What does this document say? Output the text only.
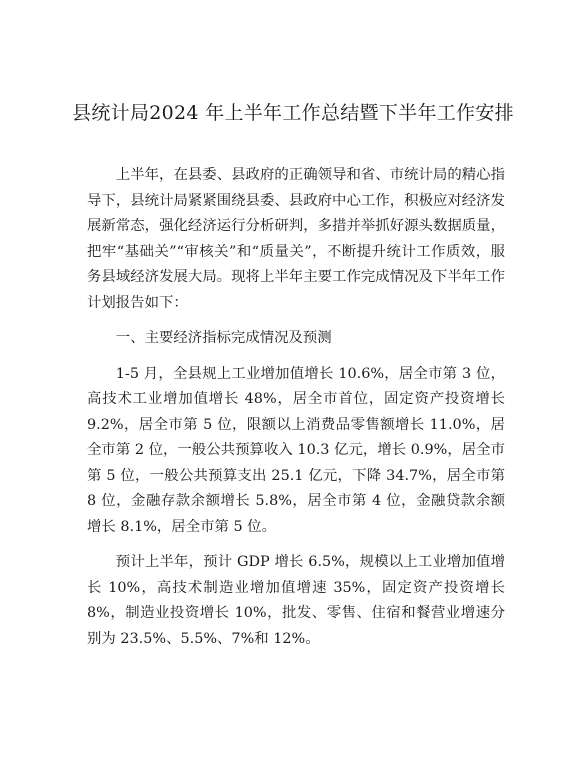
县统计局2024 年上半年工作总结暨下半年工作安排

上半年，在县委、县政府的正确领导和省、市统计局的精心指导下，县统计局紧紧围绕县委、县政府中心工作，积极应对经济发展新常态，强化经济运行分析研判，多措并举抓好源头数据质量，把牢“基础关”“审核关”和“质量关”，不断提升统计工作质效，服务县域经济发展大局。现将上半年主要工作完成情况及下半年工作计划报告如下：

一、主要经济指标完成情况及预测

1-5 月，全县规上工业增加值增长 10.6%，居全市第 3 位，高技术工业增加值增长 48%，居全市首位，固定资产投资增长 9.2%，居全市第 5 位，限额以上消费品零售额增长 11.0%，居全市第 2 位，一般公共预算收入 10.3 亿元，增长 0.9%，居全市第 5 位，一般公共预算支出 25.1 亿元，下降 34.7%，居全市第 8 位，金融存款余额增长 5.8%，居全市第 4 位，金融贷款余额增长 8.1%，居全市第 5 位。

预计上半年，预计 GDP 增长 6.5%，规模以上工业增加值增长 10%，高技术制造业增加值增速 35%，固定资产投资增长 8%，制造业投资增长 10%，批发、零售、住宿和餐营业增速分别为 23.5%、5.5%、7%和 12%。
